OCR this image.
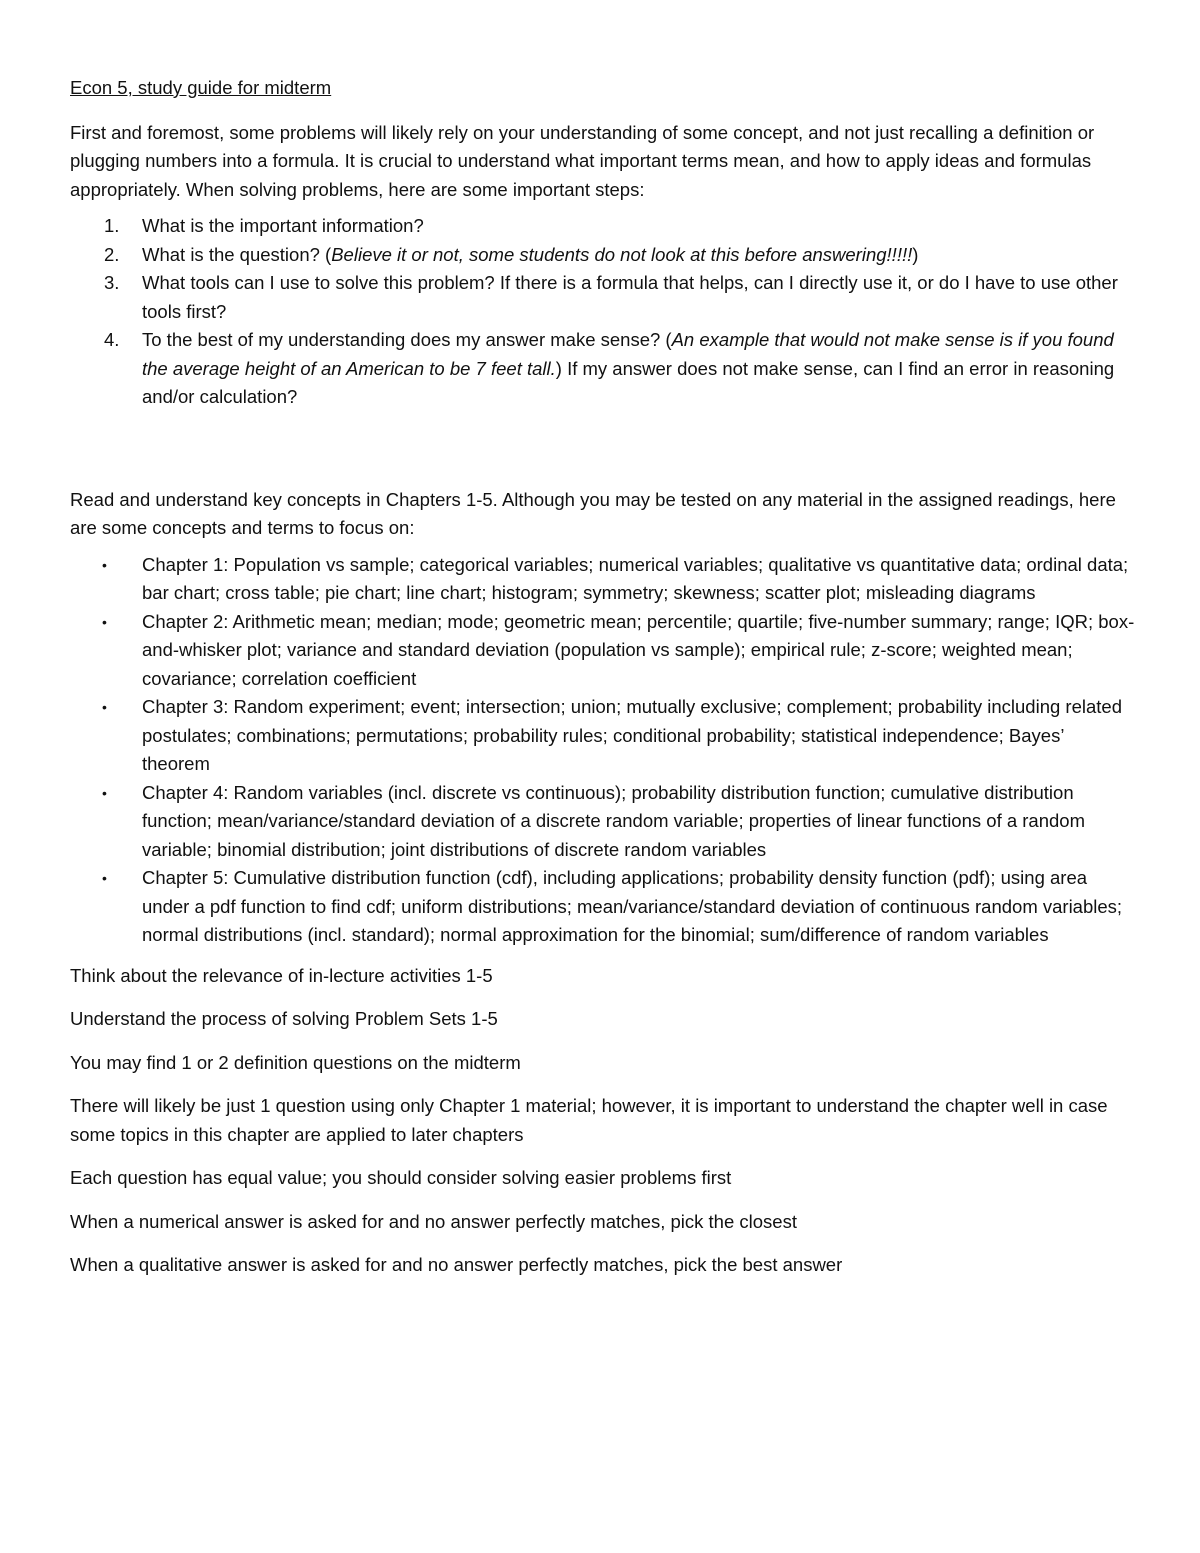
Econ 5, study guide for midterm

First and foremost, some problems will likely rely on your understanding of some concept, and not just recalling a definition or plugging numbers into a formula. It is crucial to understand what important terms mean, and how to apply ideas and formulas appropriately. When solving problems, here are some important steps:

1. What is the important information?
2. What is the question? (Believe it or not, some students do not look at this before answering!!!!!)
3. What tools can I use to solve this problem? If there is a formula that helps, can I directly use it, or do I have to use other tools first?
4. To the best of my understanding does my answer make sense? (An example that would not make sense is if you found the average height of an American to be 7 feet tall.) If my answer does not make sense, can I find an error in reasoning and/or calculation?

Read and understand key concepts in Chapters 1-5. Although you may be tested on any material in the assigned readings, here are some concepts and terms to focus on:

• Chapter 1: Population vs sample; categorical variables; numerical variables; qualitative vs quantitative data; ordinal data; bar chart; cross table; pie chart; line chart; histogram; symmetry; skewness; scatter plot; misleading diagrams
• Chapter 2: Arithmetic mean; median; mode; geometric mean; percentile; quartile; five-number summary; range; IQR; box-and-whisker plot; variance and standard deviation (population vs sample); empirical rule; z-score; weighted mean; covariance; correlation coefficient
• Chapter 3: Random experiment; event; intersection; union; mutually exclusive; complement; probability including related postulates; combinations; permutations; probability rules; conditional probability; statistical independence; Bayes’ theorem
• Chapter 4: Random variables (incl. discrete vs continuous); probability distribution function; cumulative distribution function; mean/variance/standard deviation of a discrete random variable; properties of linear functions of a random variable; binomial distribution; joint distributions of discrete random variables
• Chapter 5: Cumulative distribution function (cdf), including applications; probability density function (pdf); using area under a pdf function to find cdf; uniform distributions; mean/variance/standard deviation of continuous random variables; normal distributions (incl. standard); normal approximation for the binomial; sum/difference of random variables

Think about the relevance of in-lecture activities 1-5

Understand the process of solving Problem Sets 1-5

You may find 1 or 2 definition questions on the midterm

There will likely be just 1 question using only Chapter 1 material; however, it is important to understand the chapter well in case some topics in this chapter are applied to later chapters

Each question has equal value; you should consider solving easier problems first

When a numerical answer is asked for and no answer perfectly matches, pick the closest

When a qualitative answer is asked for and no answer perfectly matches, pick the best answer
